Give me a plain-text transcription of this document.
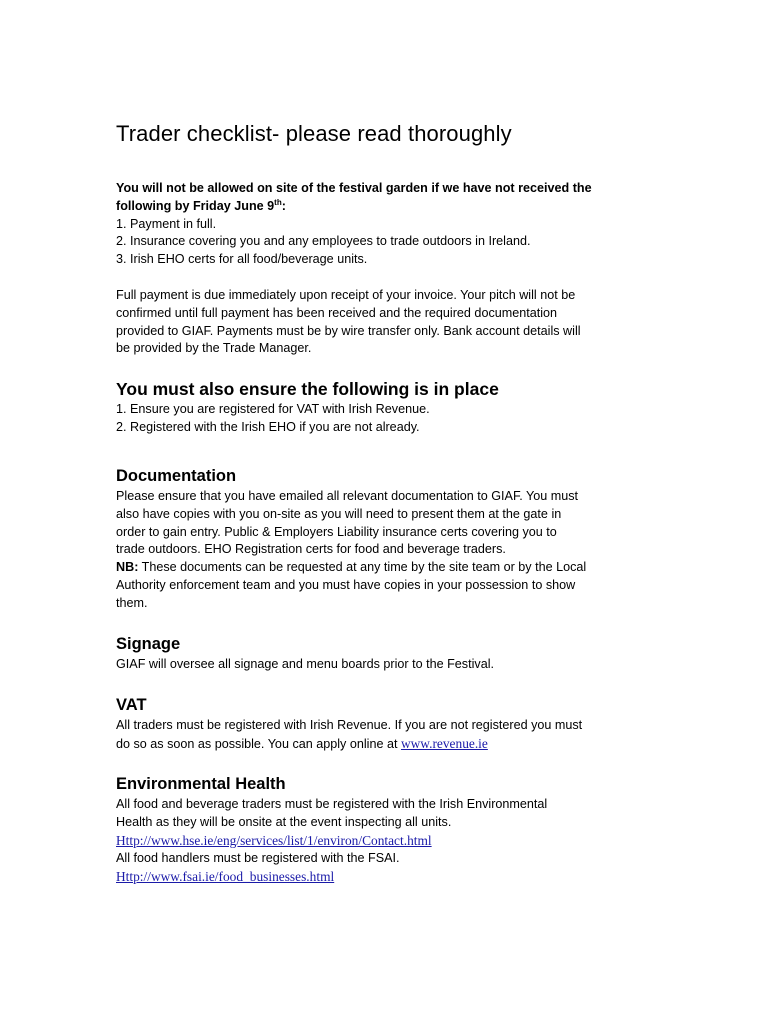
Trader checklist- please read thoroughly

You will not be allowed on site of the festival garden if we have not received the

following by Friday June 9th:

1. Payment in full.

2. Insurance covering you and any employees to trade outdoors in Ireland.

3. Irish EHO certs for all food/beverage units.

Full payment is due immediately upon receipt of your invoice. Your pitch will not be

confirmed until full payment has been received and the required documentation

provided to GIAF. Payments must be by wire transfer only. Bank account details will

be provided by the Trade Manager.

You must also ensure the following is in place

1. Ensure you are registered for VAT with Irish Revenue.

2. Registered with the Irish EHO if you are not already.

Documentation

Please ensure that you have emailed all relevant documentation to GIAF. You must

also have copies with you on-site as you will need to present them at the gate in

order to gain entry. Public & Employers Liability insurance certs covering you to

trade outdoors. EHO Registration certs for food and beverage traders.

NB: These documents can be requested at any time by the site team or by the Local

Authority enforcement team and you must have copies in your possession to show

them.

Signage

GIAF will oversee all signage and menu boards prior to the Festival.

VAT

All traders must be registered with Irish Revenue. If you are not registered you must

do so as soon as possible. You can apply online at www.revenue.ie

Environmental Health

All food and beverage traders must be registered with the Irish Environmental

Health as they will be onsite at the event inspecting all units.

Http://www.hse.ie/eng/services/list/1/environ/Contact.html

All food handlers must be registered with the FSAI.

Http://www.fsai.ie/food_businesses.html
